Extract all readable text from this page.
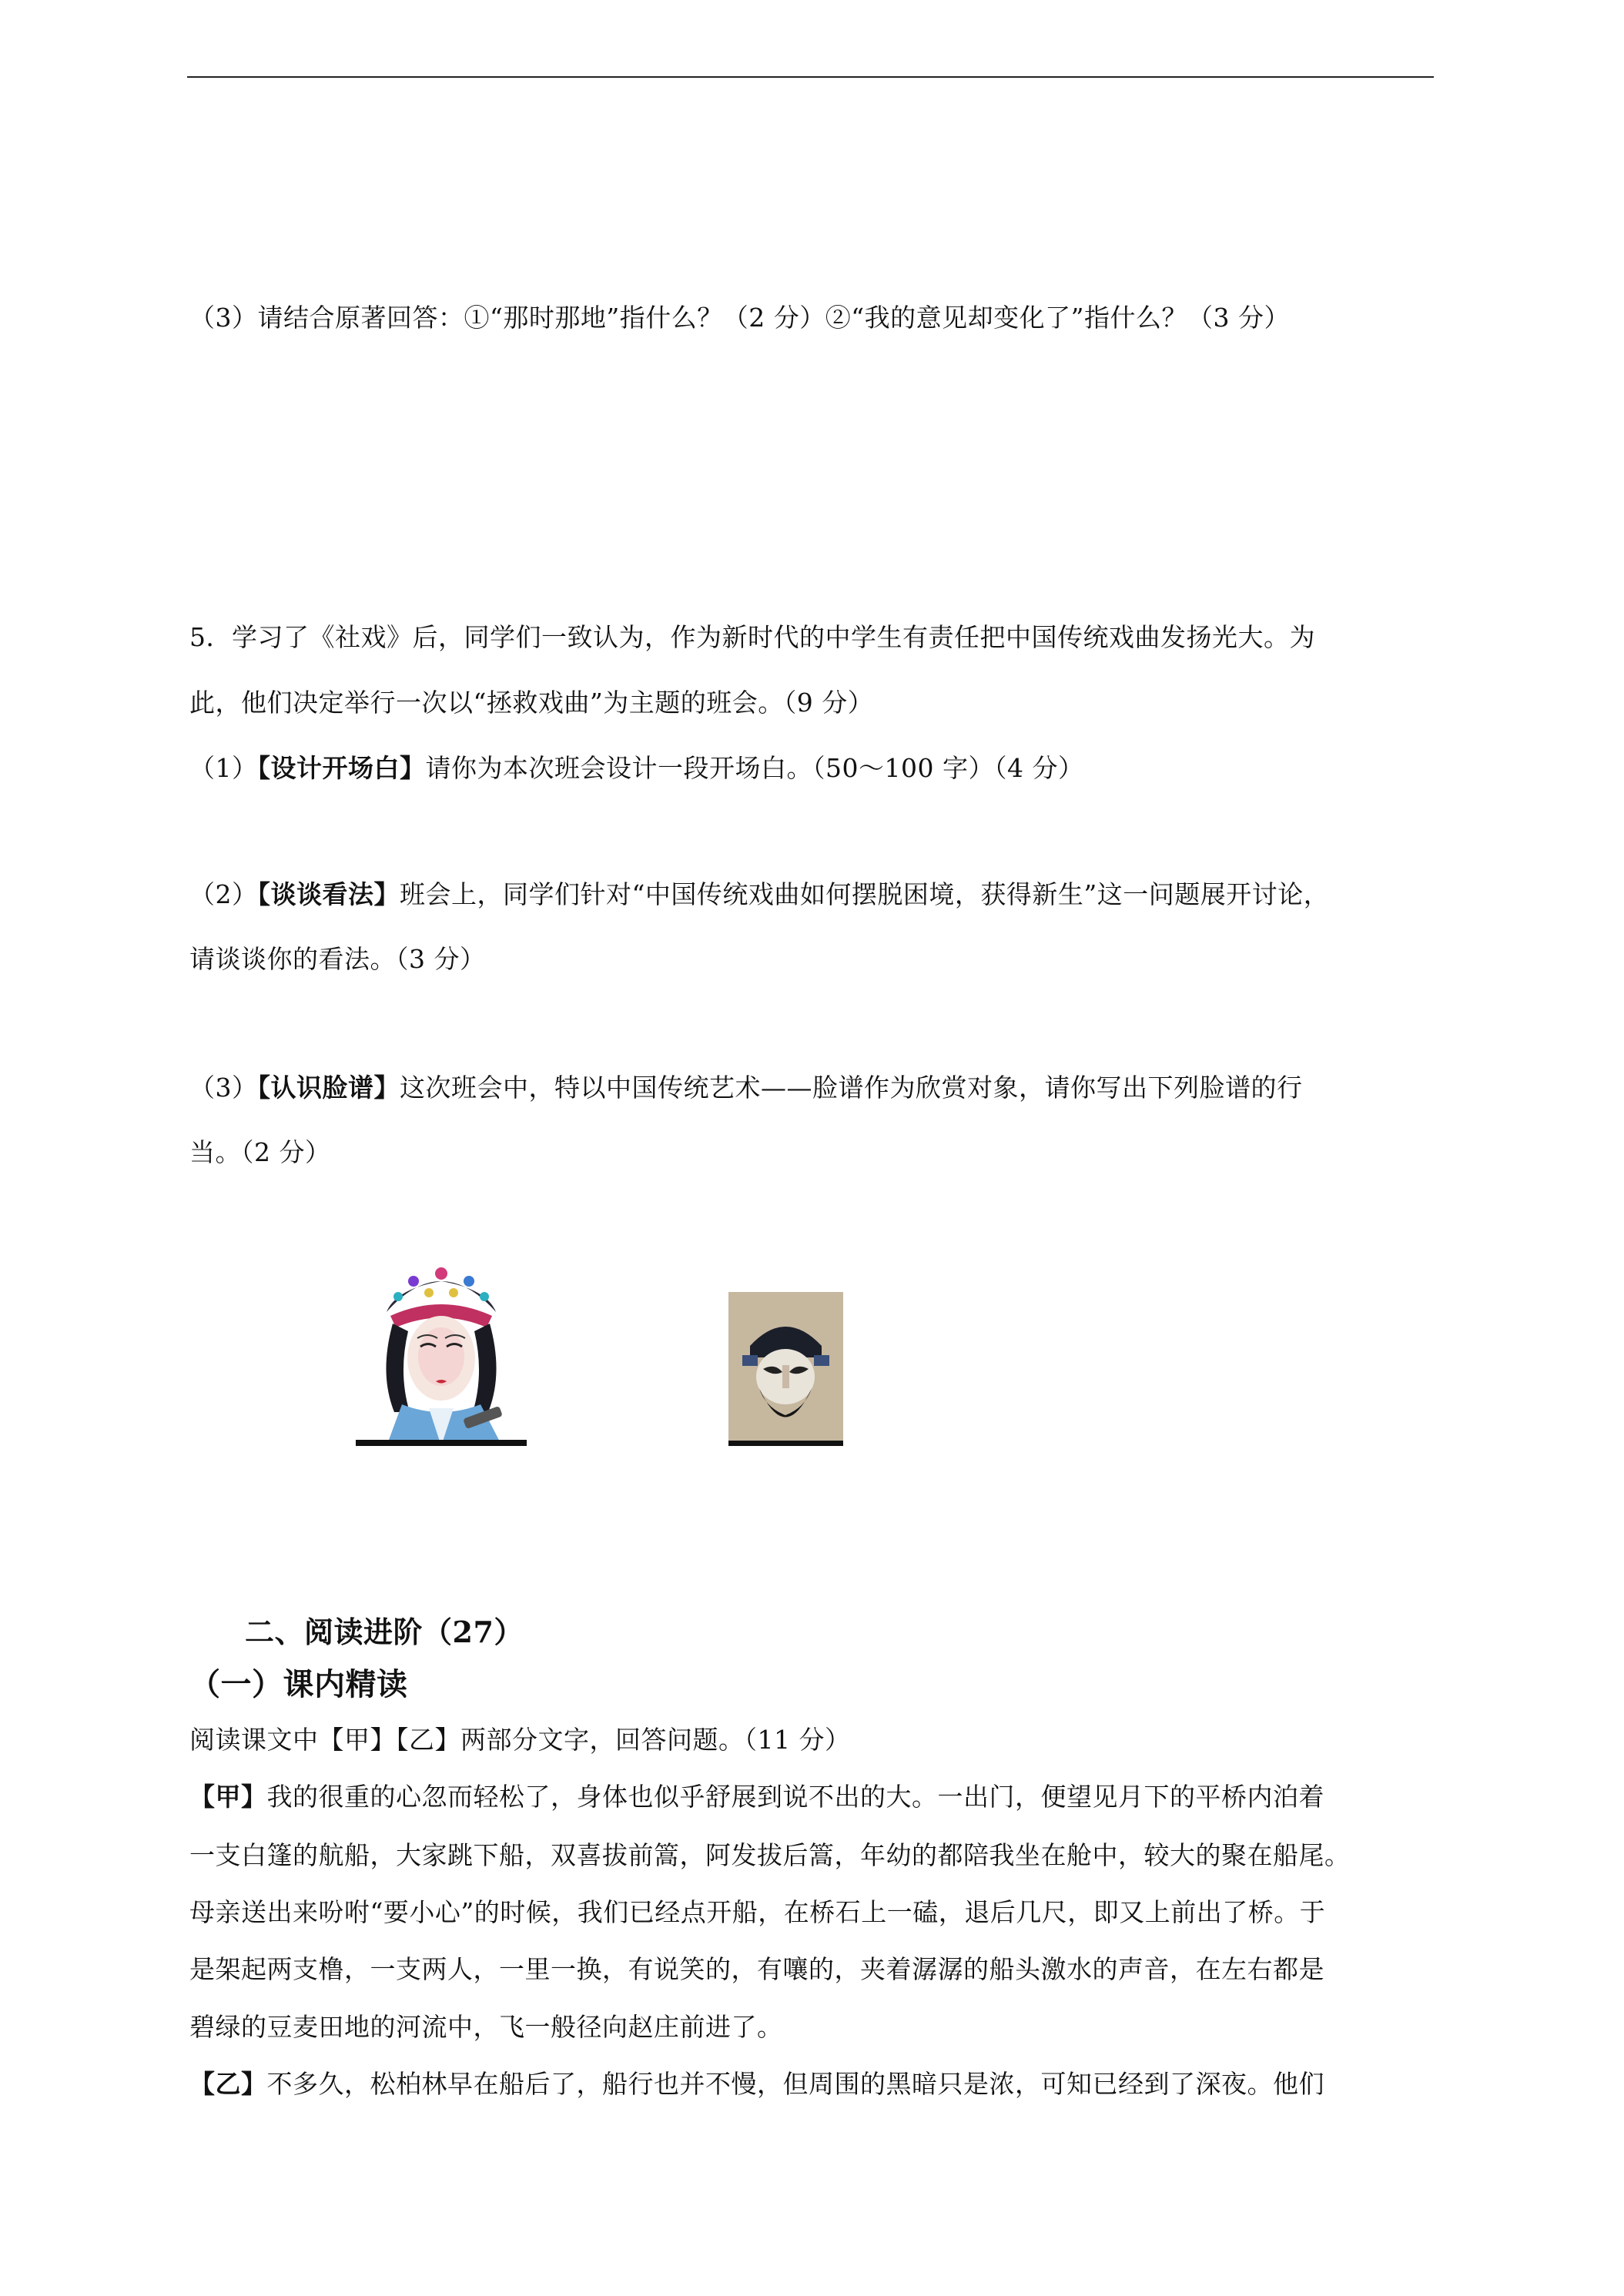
（3）请结合原著回答：①“那时那地”指什么？（2 分）②“我的意见却变化了”指什么？（3 分）
5．学习了《社戏》后，同学们一致认为，作为新时代的中学生有责任把中国传统戏曲发扬光大。为
此，他们决定举行一次以“拯救戏曲”为主题的班会。（9 分）
（1）【设计开场白】请你为本次班会设计一段开场白。（50～100 字）（4 分）
（2）【谈谈看法】班会上，同学们针对“中国传统戏曲如何摆脱困境，获得新生”这一问题展开讨论，
请谈谈你的看法。（3 分）
（3）【认识脸谱】这次班会中，特以中国传统艺术——脸谱作为欣赏对象，请你写出下列脸谱的行
当。（2 分）
二、阅读进阶（27）
（一）课内精读
阅读课文中【甲】【乙】两部分文字，回答问题。（11 分）
【甲】我的很重的心忽而轻松了，身体也似乎舒展到说不出的大。一出门，便望见月下的平桥内泊着
一支白篷的航船，大家跳下船，双喜拔前篙，阿发拔后篙，年幼的都陪我坐在舱中，较大的聚在船尾。
母亲送出来吩咐“要小心”的时候，我们已经点开船，在桥石上一磕，退后几尺，即又上前出了桥。于
是架起两支橹，一支两人，一里一换，有说笑的，有嚷的，夹着潺潺的船头激水的声音，在左右都是
碧绿的豆麦田地的河流中，飞一般径向赵庄前进了。
【乙】不多久，松柏林早在船后了，船行也并不慢，但周围的黑暗只是浓，可知已经到了深夜。他们
